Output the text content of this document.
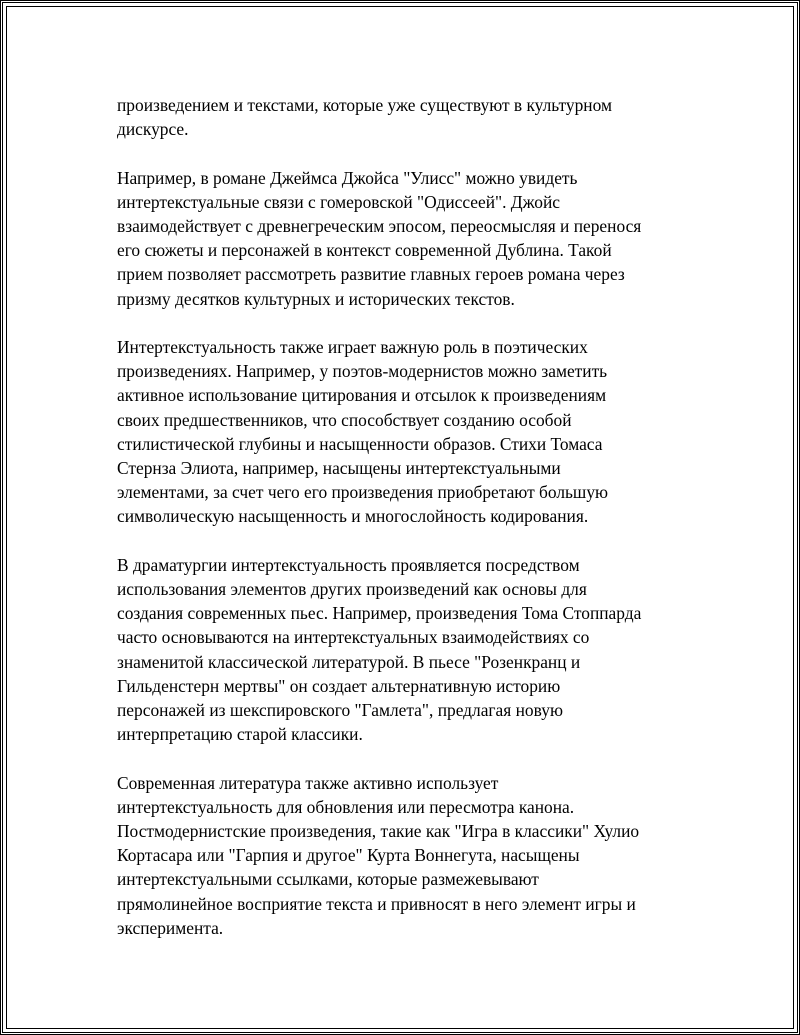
произведением и текстами, которые уже существуют в культурном
дискурсе.

Например, в романе Джеймса Джойса "Улисс" можно увидеть
интертекстуальные связи с гомеровской "Одиссеей". Джойс
взаимодействует с древнегреческим эпосом, переосмысляя и перенося
его сюжеты и персонажей в контекст современной Дублина. Такой
прием позволяет рассмотреть развитие главных героев романа через
призму десятков культурных и исторических текстов.

Интертекстуальность также играет важную роль в поэтических
произведениях. Например, у поэтов-модернистов можно заметить
активное использование цитирования и отсылок к произведениям
своих предшественников, что способствует созданию особой
стилистической глубины и насыщенности образов. Стихи Томаса
Стернза Элиота, например, насыщены интертекстуальными
элементами, за счет чего его произведения приобретают большую
символическую насыщенность и многослойность кодирования.

В драматургии интертекстуальность проявляется посредством
использования элементов других произведений как основы для
создания современных пьес. Например, произведения Тома Стоппарда
часто основываются на интертекстуальных взаимодействиях со
знаменитой классической литературой. В пьесе "Розенкранц и
Гильденстерн мертвы" он создает альтернативную историю
персонажей из шекспировского "Гамлета", предлагая новую
интерпретацию старой классики.

Современная литература также активно использует
интертекстуальность для обновления или пересмотра канона.
Постмодернистские произведения, такие как "Игра в классики" Хулио
Кортасара или "Гарпия и другое" Курта Воннегута, насыщены
интертекстуальными ссылками, которые размежевывают
прямолинейное восприятие текста и привносят в него элемент игры и
эксперимента.
